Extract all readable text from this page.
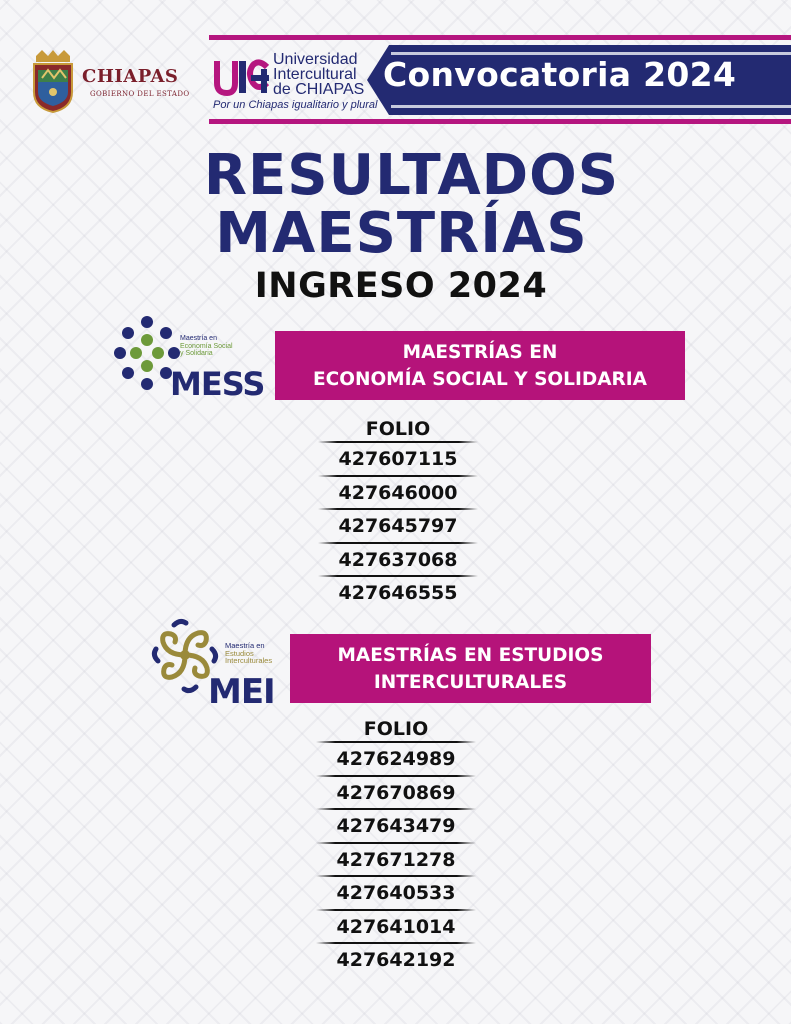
CHIAPAS
GOBIERNO DEL ESTADO
Universidad
Intercultural
de CHIAPAS
Por un Chiapas igualitario y plural
Convocatoria 2024
RESULTADOS
MAESTRÍAS
INGRESO 2024
Maestría en
Economía Social
y Solidaria
MESS
MAESTRÍAS EN
ECONOMÍA SOCIAL Y SOLIDARIA
FOLIO
427607115
427646000
427645797
427637068
427646555
Maestría en
Estudios
Interculturales
MEI
MAESTRÍAS EN ESTUDIOS
INTERCULTURALES
FOLIO
427624989
427670869
427643479
427671278
427640533
427641014
427642192
